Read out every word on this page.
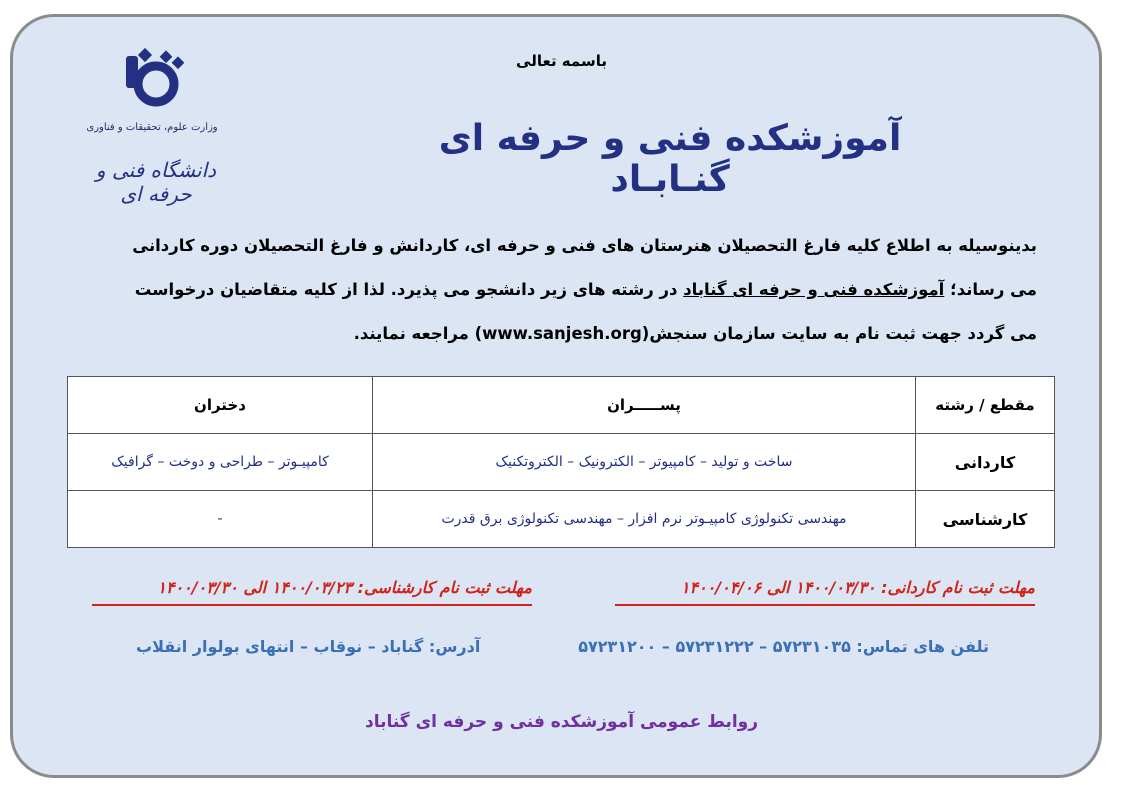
باسمه تعالی
وزارت علوم، تحقیقات و فناوری
دانشگاه فنی و حرفه ای
آموزشکده فنی و حرفه ای گنـابـاد
بدینوسیله به اطلاع کلیه فارغ التحصیلان هنرستان های فنی و حرفه ای، کاردانش و فارغ التحصیلان دوره کاردانی
می رساند؛ آموزشکده فنی و حرفه ای گناباد در رشته های زیر دانشجو می پذیرد. لذا از کلیه متقاضیان درخواست
می گردد جهت ثبت نام به سایت سازمان سنجش(www.sanjesh.org) مراجعه نمایند.
مقطع / رشته	پســـــران	دختران
کاردانی	ساخت و تولید – کامپیوتر – الکترونیک – الکتروتکنیک	کامپیـوتر – طراحی و دوخت – گرافیک
کارشناسی	مهندسی تکنولوژی کامپیـوتر نرم افزار – مهندسی تکنولوژی برق قدرت	-
مهلت ثبت نام کاردانی: ۱۴۰۰/۰۳/۳۰ الی ۱۴۰۰/۰۴/۰۶
مهلت ثبت نام کارشناسی: ۱۴۰۰/۰۳/۲۳ الی ۱۴۰۰/۰۳/۳۰
تلفن های تماس: ۵۷۲۳۱۰۳۵ – ۵۷۲۳۱۲۲۲ – ۵۷۲۳۱۲۰۰
آدرس: گناباد – نوقاب – انتهای بولوار انقلاب
روابط عمومی آموزشکده فنی و حرفه ای گناباد
